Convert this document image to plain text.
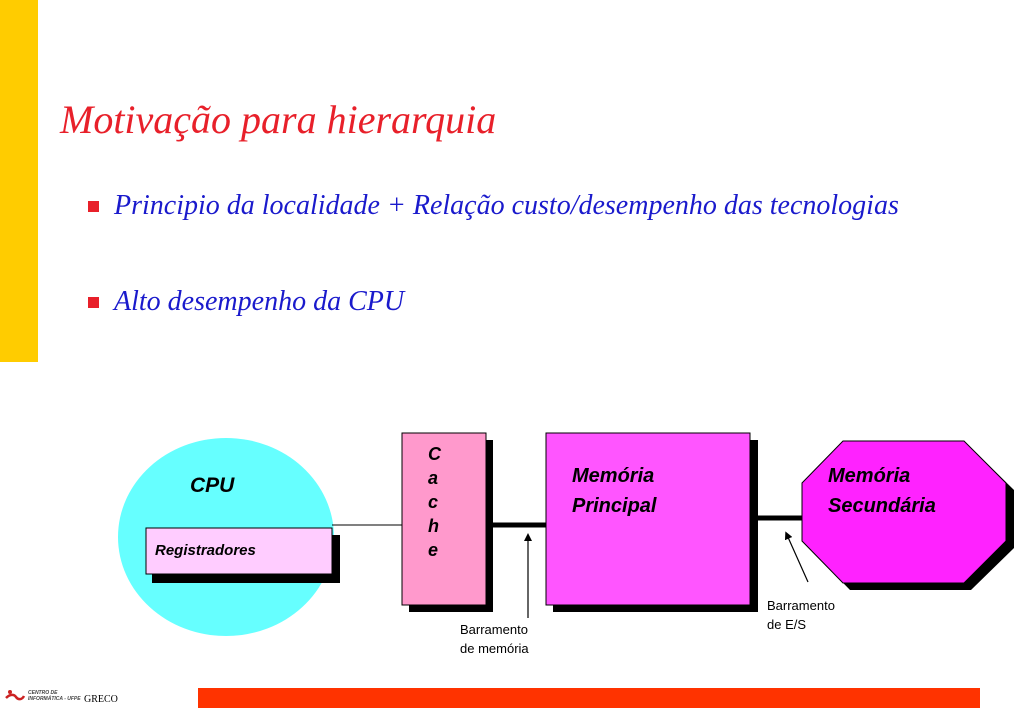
Motivação para hierarquia
Principio da localidade + Relação custo/desempenho das tecnologias
Alto desempenho da CPU
CPU
Registradores
C
a
c
h
e
Memória
Principal
Memória
Secundária
Barramento
de memória
Barramento
de E/S
CENTRO DE
INFORMÁTICA - UFPE GRECO
